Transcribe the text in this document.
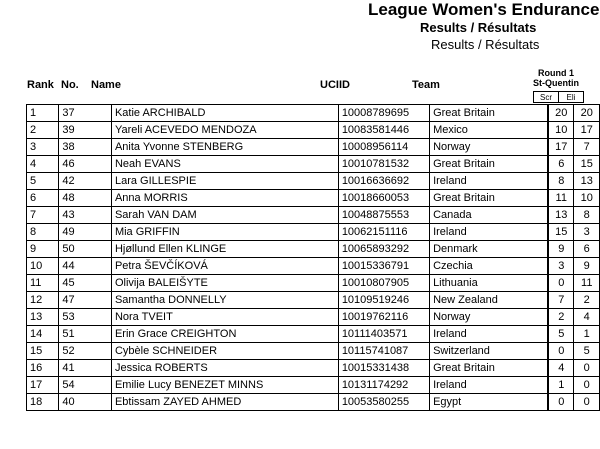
League Women's Endurance
Results / Résultats
Results / Résultats
Rank No. Name	UCIID	Team
Round 1
St-Quentin
Scr	Eli
1	37	Katie ARCHIBALD	10008789695	Great Britain		20	20
2	39	Yareli ACEVEDO MENDOZA	10083581446	Mexico		10	17
3	38	Anita Yvonne STENBERG	10008956114	Norway		17	7
4	46	Neah EVANS	10010781532	Great Britain		6	15
5	42	Lara GILLESPIE	10016636692	Ireland		8	13
6	48	Anna MORRIS	10018660053	Great Britain		11	10
7	43	Sarah VAN DAM	10048875553	Canada		13	8
8	49	Mia GRIFFIN	10062151116	Ireland		15	3
9	50	Hjøllund Ellen KLINGE	10065893292	Denmark		9	6
10	44	Petra ŠEVČÍKOVÁ	10015336791	Czechia		3	9
11	45	Olivija BALEIŠYTE	10010807905	Lithuania		0	11
12	47	Samantha DONNELLY	10109519246	New Zealand		7	2
13	53	Nora TVEIT	10019762116	Norway		2	4
14	51	Erin Grace CREIGHTON	10111403571	Ireland		5	1
15	52	Cybèle SCHNEIDER	10115741087	Switzerland		0	5
16	41	Jessica ROBERTS	10015331438	Great Britain		4	0
17	54	Emilie Lucy BENEZET MINNS	10131174292	Ireland		1	0
18	40	Ebtissam ZAYED AHMED	10053580255	Egypt		0	0
